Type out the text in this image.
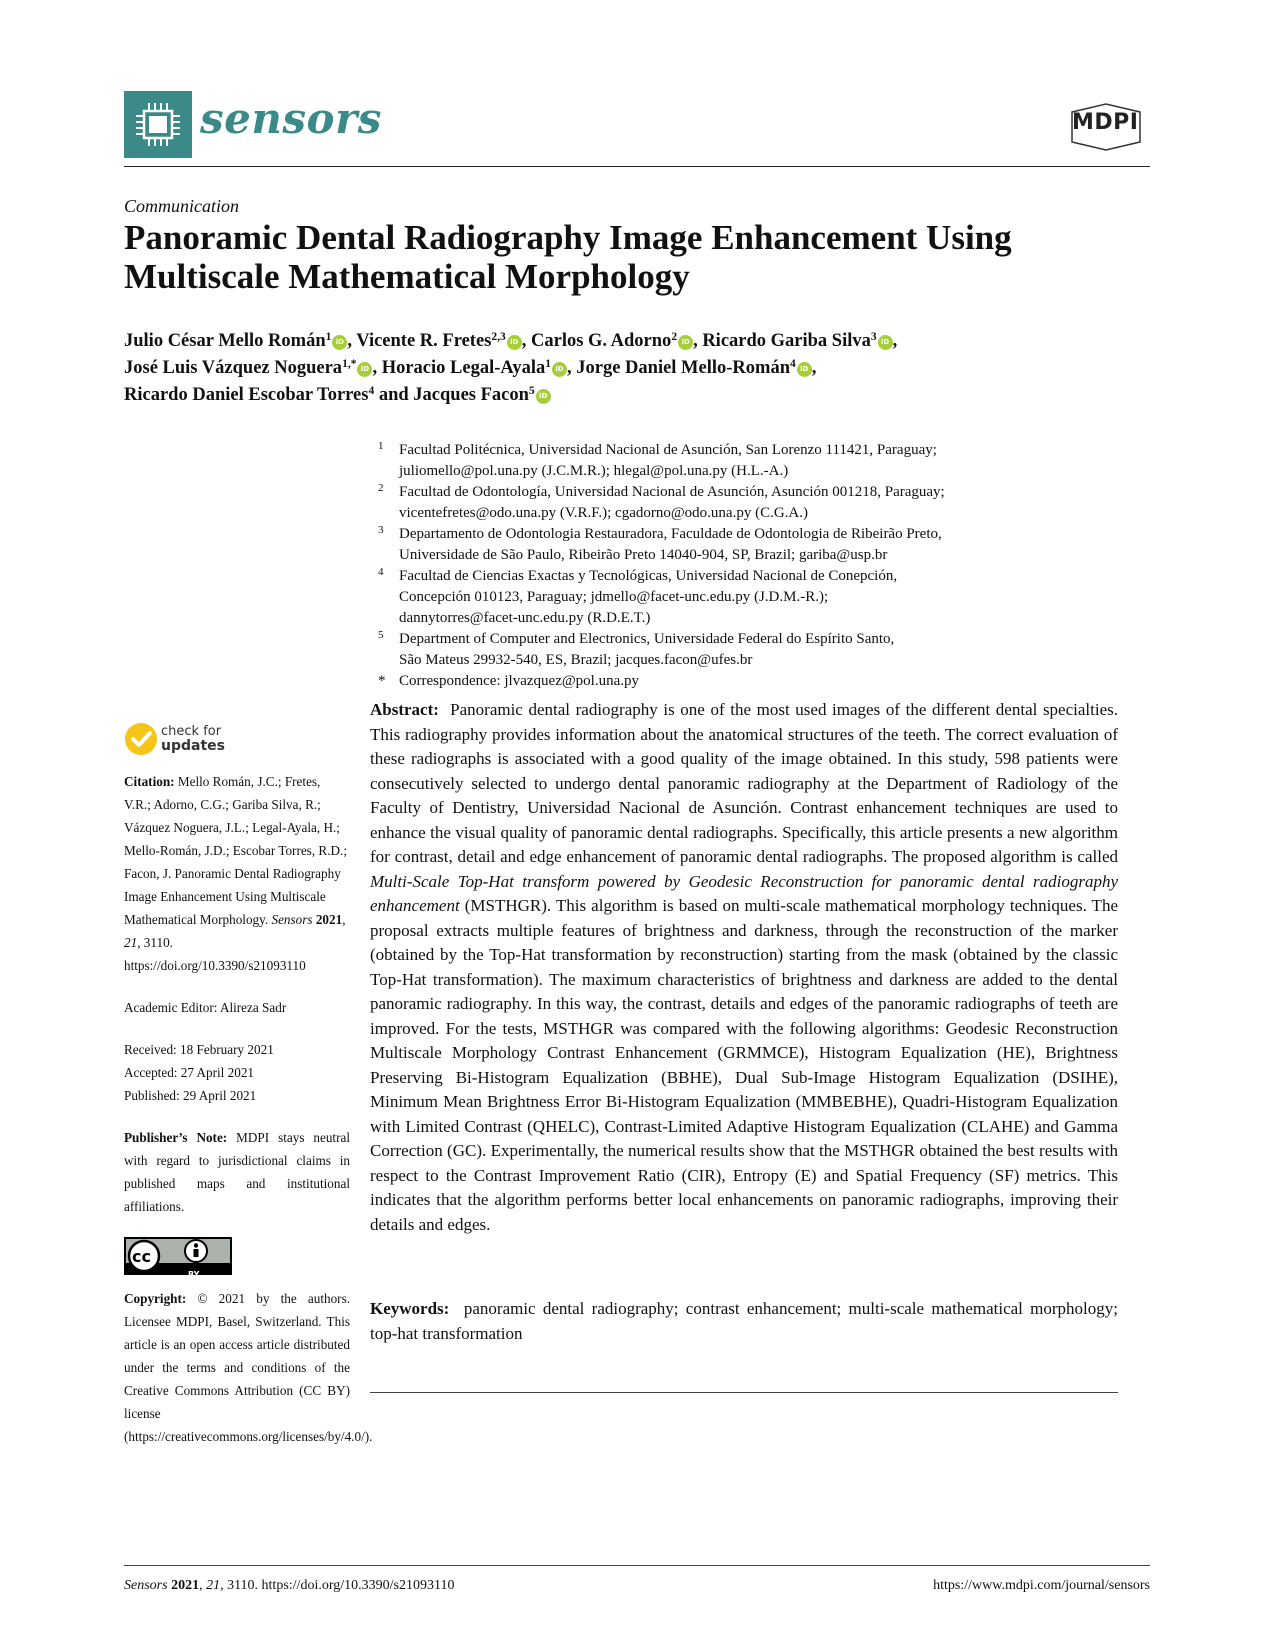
sensors	MDPI
Communication
Panoramic Dental Radiography Image Enhancement Using Multiscale Mathematical Morphology
Julio César Mello Román$^1$ iD , Vicente R. Fretes$^{2,3}$ iD , Carlos G. Adorno$^2$ iD , Ricardo Gariba Silva$^3$ iD ,
José Luis Vázquez Noguera$^{1,*}$ iD , Horacio Legal-Ayala$^1$ iD , Jorge Daniel Mello-Román$^4$ iD ,
Ricardo Daniel Escobar Torres$^4$ and Jacques Facon$^5$ iD
1 Facultad Politécnica, Universidad Nacional de Asunción, San Lorenzo 111421, Paraguay;
juliomello@pol.una.py (J.C.M.R.); hlegal@pol.una.py (H.L.-A.)
2 Facultad de Odontología, Universidad Nacional de Asunción, Asunción 001218, Paraguay;
vicentefretes@odo.una.py (V.R.F.); cgadorno@odo.una.py (C.G.A.)
3 Departamento de Odontologia Restauradora, Faculdade de Odontologia de Ribeirão Preto,
Universidade de São Paulo, Ribeirão Preto 14040-904, SP, Brazil; gariba@usp.br
4 Facultad de Ciencias Exactas y Tecnológicas, Universidad Nacional de Conepción,
Concepción 010123, Paraguay; jdmello@facet-unc.edu.py (J.D.M.-R.);
dannytorres@facet-unc.edu.py (R.D.E.T.)
5 Department of Computer and Electronics, Universidade Federal do Espírito Santo,
São Mateus 29932-540, ES, Brazil; jacques.facon@ufes.br
* Correspondence: jlvazquez@pol.una.py
check for
updates
Citation: Mello Román, J.C.; Fretes, V.R.; Adorno, C.G.; Gariba Silva, R.; Vázquez Noguera, J.L.; Legal-Ayala, H.; Mello-Román, J.D.; Escobar Torres, R.D.; Facon, J. Panoramic Dental Radiography Image Enhancement Using Multiscale Mathematical Morphology. Sensors 2021, 21, 3110. https://doi.org/10.3390/s21093110
Academic Editor: Alireza Sadr
Received: 18 February 2021
Accepted: 27 April 2021
Published: 29 April 2021
Publisher’s Note: MDPI stays neutral with regard to jurisdictional claims in published maps and institutional affiliations.
cc
BY
Copyright: © 2021 by the authors. Licensee MDPI, Basel, Switzerland. This article is an open access article distributed under the terms and conditions of the Creative Commons Attribution (CC BY) license (https://creativecommons.org/licenses/by/4.0/).
Abstract: Panoramic dental radiography is one of the most used images of the different dental specialties. This radiography provides information about the anatomical structures of the teeth. The correct evaluation of these radiographs is associated with a good quality of the image obtained. In this study, 598 patients were consecutively selected to undergo dental panoramic radiography at the Department of Radiology of the Faculty of Dentistry, Universidad Nacional de Asunción. Contrast enhancement techniques are used to enhance the visual quality of panoramic dental radiographs. Specifically, this article presents a new algorithm for contrast, detail and edge enhancement of panoramic dental radiographs. The proposed algorithm is called Multi-Scale Top-Hat transform powered by Geodesic Reconstruction for panoramic dental radiography enhancement (MSTHGR). This algorithm is based on multi-scale mathematical morphology techniques. The proposal extracts multiple features of brightness and darkness, through the reconstruction of the marker (obtained by the Top-Hat transformation by reconstruction) starting from the mask (obtained by the classic Top-Hat transformation). The maximum characteristics of brightness and darkness are added to the dental panoramic radiography. In this way, the contrast, details and edges of the panoramic radiographs of teeth are improved. For the tests, MSTHGR was compared with the following algorithms: Geodesic Reconstruction Multiscale Morphology Contrast Enhancement (GRMMCE), Histogram Equalization (HE), Brightness Preserving Bi-Histogram Equalization (BBHE), Dual Sub-Image Histogram Equalization (DSIHE), Minimum Mean Brightness Error Bi-Histogram Equalization (MMBEBHE), Quadri-Histogram Equalization with Limited Contrast (QHELC), Contrast-Limited Adaptive Histogram Equalization (CLAHE) and Gamma Correction (GC). Experimentally, the numerical results show that the MSTHGR obtained the best results with respect to the Contrast Improvement Ratio (CIR), Entropy (E) and Spatial Frequency (SF) metrics. This indicates that the algorithm performs better local enhancements on panoramic radiographs, improving their details and edges.
Keywords: panoramic dental radiography; contrast enhancement; multi-scale mathematical morphology; top-hat transformation
Sensors 2021, 21, 3110. https://doi.org/10.3390/s21093110	https://www.mdpi.com/journal/sensors
